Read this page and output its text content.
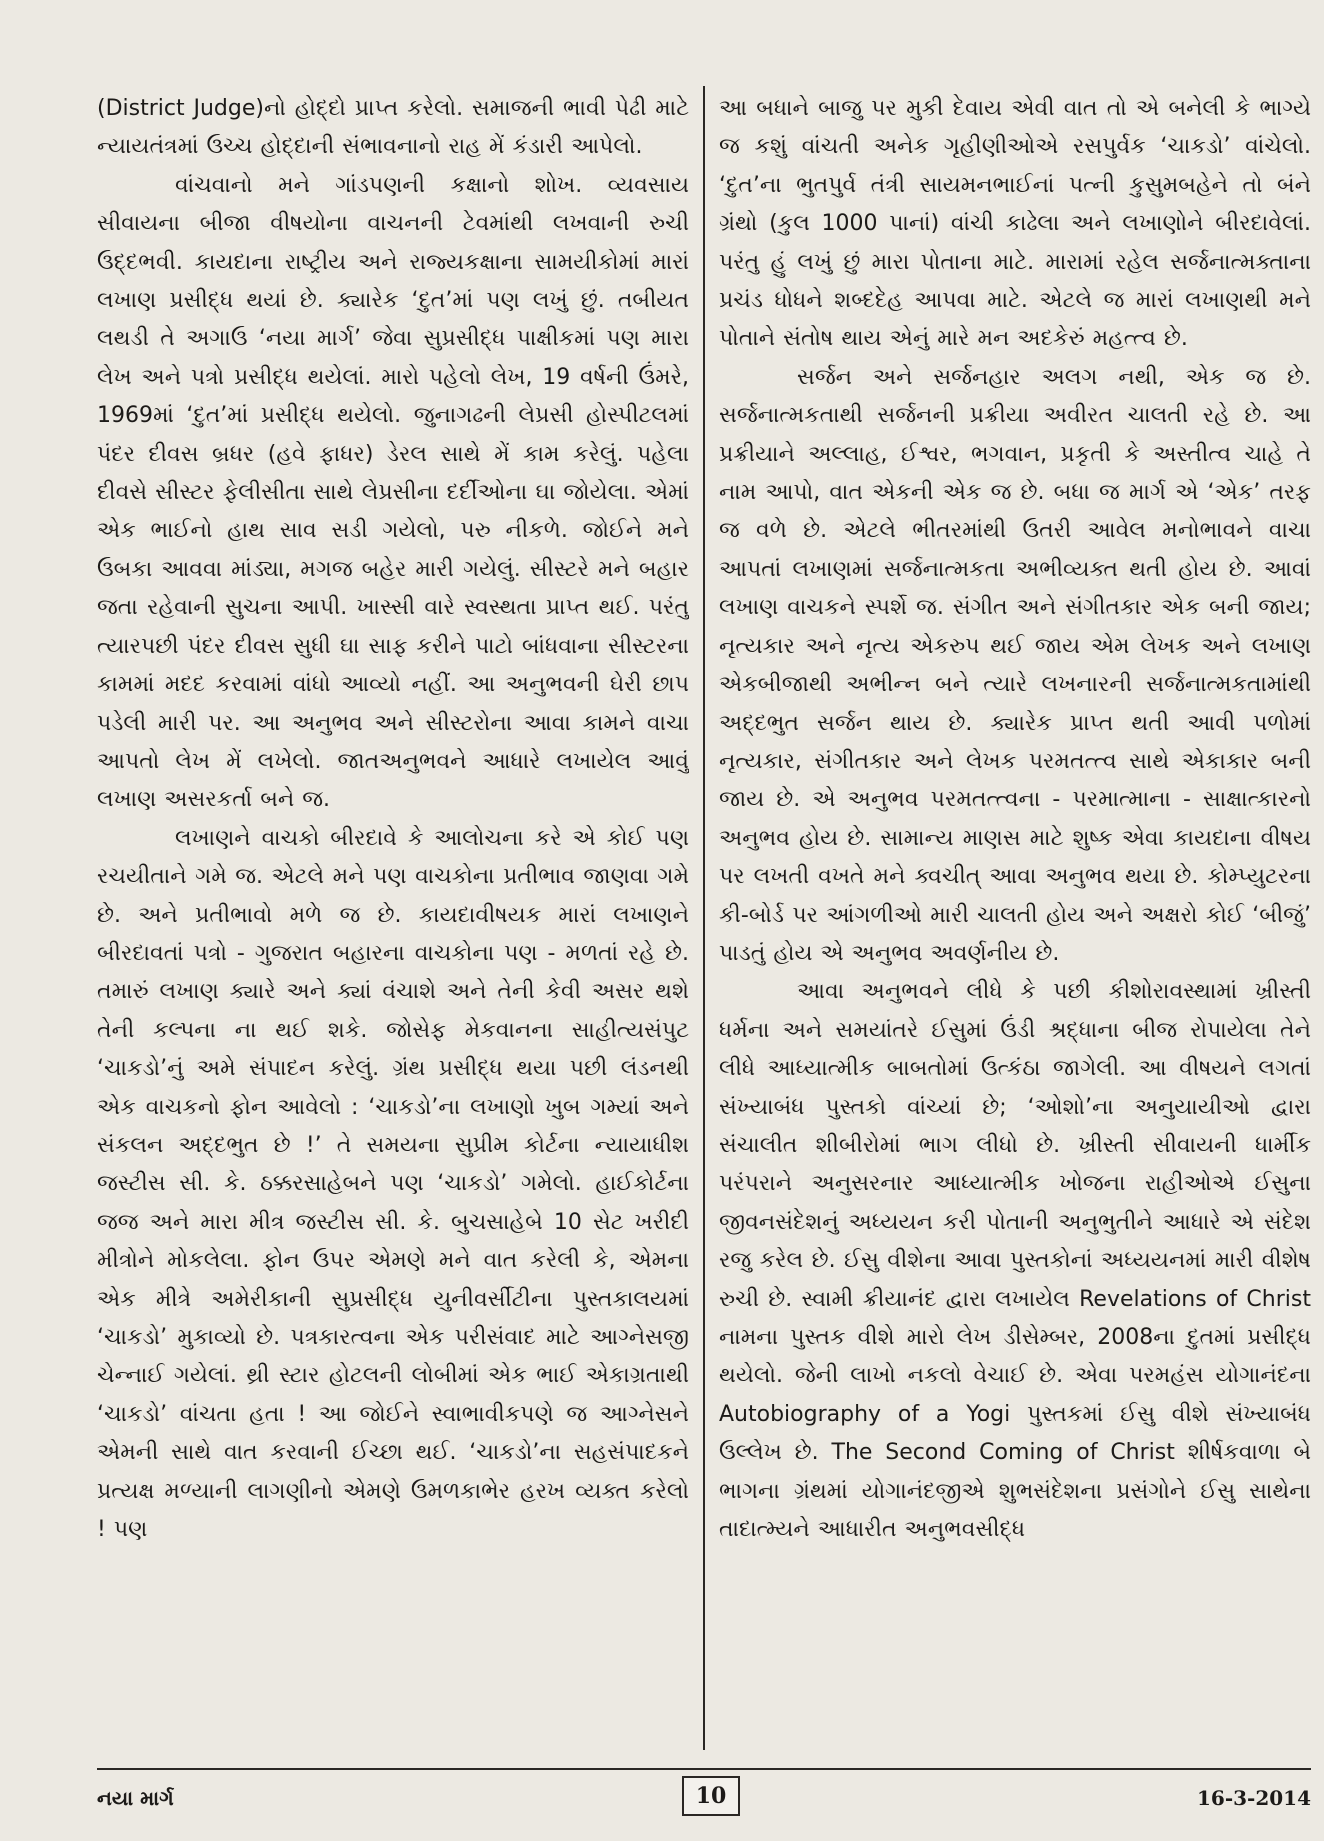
(District Judge)નો હોદ્દો પ્રાપ્ત કરેલો. સમાજની ભાવી પેઢી માટે ન્યાયતંત્રમાં ઉચ્ચ હોદ્દાની સંભાવનાનો રાહ મેં કંડારી આપેલો.

વાંચવાનો મને ગાંડપણની કક્ષાનો શોખ. વ્યવસાય સીવાયના બીજા વીષયોના વાચનની ટેવમાંથી લખવાની રુચી ઉદ્દભવી. કાયદાના રાષ્ટ્રીય અને રાજ્યકક્ષાના સામયીકોમાં મારાં લખાણ પ્રસીદ્ધ થયાં છે. ક્યારેક ‘દુત’માં પણ લખું છું. તબીયત લથડી તે અગાઉ ‘નયા માર્ગ’ જેવા સુપ્રસીદ્ધ પાક્ષીકમાં પણ મારા લેખ અને પત્રો પ્રસીદ્ધ થયેલાં. મારો પહેલો લેખ, 19 વર્ષની ઉંમરે, 1969માં ‘દુત’માં પ્રસીદ્ધ થયેલો. જુનાગઢની લેપ્રસી હોસ્પીટલમાં પંદર દીવસ બ્રધર (હવે ફાધર) ડેરલ સાથે મેં કામ કરેલું. પહેલા દીવસે સીસ્ટર ફેલીસીતા સાથે લેપ્રસીના દર્દીઓના ઘા જોયેલા. એમાં એક ભાઈનો હાથ સાવ સડી ગયેલો, પરુ નીકળે. જોઈને મને ઉબકા આવવા માંડ્યા, મગજ બહેર મારી ગયેલું. સીસ્ટરે મને બહાર જતા રહેવાની સુચના આપી. ખાસ્સી વારે સ્વસ્થતા પ્રાપ્ત થઈ. પરંતુ ત્યારપછી પંદર દીવસ સુધી ઘા સાફ કરીને પાટો બાંધવાના સીસ્ટરના કામમાં મદદ કરવામાં વાંધો આવ્યો નહીં. આ અનુભવની ઘેરી છાપ પડેલી મારી પર. આ અનુભવ અને સીસ્ટરોના આવા કામને વાચા આપતો લેખ મેં લખેલો. જાતઅનુભવને આધારે લખાયેલ આવું લખાણ અસરકર્તા બને જ.

લખાણને વાચકો બીરદાવે કે આલોચના કરે એ કોઈ પણ રચયીતાને ગમે જ. એટલે મને પણ વાચકોના પ્રતીભાવ જાણવા ગમે છે. અને પ્રતીભાવો મળે જ છે. કાયદાવીષયક મારાં લખાણને બીરદાવતાં પત્રો - ગુજરાત બહારના વાચકોના પણ - મળતાં રહે છે. તમારું લખાણ ક્યારે અને ક્યાં વંચાશે અને તેની કેવી અસર થશે તેની કલ્પના ના થઈ શકે. જોસેફ મેકવાનના સાહીત્યસંપુટ ‘ચાકડો’નું અમે સંપાદન કરેલું. ગ્રંથ પ્રસીદ્ધ થયા પછી લંડનથી એક વાચકનો ફોન આવેલો : ‘ચાકડો’ના લખાણો ખુબ ગમ્યાં અને સંકલન અદ્દભુત છે !’ તે સમયના સુપ્રીમ કોર્ટના ન્યાયાધીશ જસ્ટીસ સી. કે. ઠક્કરસાહેબને પણ ‘ચાકડો’ ગમેલો. હાઈકોર્ટના જજ અને મારા મીત્ર જસ્ટીસ સી. કે. બુચસાહેબે 10 સેટ ખરીદી મીત્રોને મોકલેલા. ફોન ઉપર એમણે મને વાત કરેલી કે, એમના એક મીત્રે અમેરીકાની સુપ્રસીદ્ધ યુનીવર્સીટીના પુસ્તકાલયમાં ‘ચાકડો’ મુકાવ્યો છે. પત્રકારત્વના એક પરીસંવાદ માટે આગ્નેસજી ચેન્નાઈ ગયેલાં. થ્રી સ્ટાર હોટલની લોબીમાં એક ભાઈ એકાગ્રતાથી ‘ચાકડો’ વાંચતા હતા ! આ જોઈને સ્વાભાવીકપણે જ આગ્નેસને એમની સાથે વાત કરવાની ઈચ્છા થઈ. ‘ચાકડો’ના સહસંપાદકને પ્રત્યક્ષ મળ્યાની લાગણીનો એમણે ઉમળકાભેર હરખ વ્યક્ત કરેલો ! પણ

આ બધાને બાજુ પર મુકી દેવાય એવી વાત તો એ બનેલી કે ભાગ્યે જ કશું વાંચતી અનેક ગૃહીણીઓએ રસપુર્વક ‘ચાકડો’ વાંચેલો. ‘દુત’ના ભુતપુર્વ તંત્રી સાયમનભાઈનાં પત્ની કુસુમબહેને તો બંને ગ્રંથો (કુલ 1000 પાનાં) વાંચી કાઢેલા અને લખાણોને બીરદાવેલાં. પરંતુ હું લખું છું મારા પોતાના માટે. મારામાં રહેલ સર્જનાત્મક્તાના પ્રચંડ ધોધને શબ્દદેહ આપવા માટે. એટલે જ મારાં લખાણથી મને પોતાને સંતોષ થાય એનું મારે મન અદકેરું મહત્ત્વ છે.

સર્જન અને સર્જનહાર અલગ નથી, એક જ છે. સર્જનાત્મકતાથી સર્જનની પ્રક્રીયા અવીરત ચાલતી રહે છે. આ પ્રક્રીયાને અલ્લાહ, ઈશ્વર, ભગવાન, પ્રકૃતી કે અસ્તીત્વ ચાહે તે નામ આપો, વાત એકની એક જ છે. બધા જ માર્ગ એ ‘એક’ તરફ જ વળે છે. એટલે ભીતરમાંથી ઉતરી આવેલ મનોભાવને વાચા આપતાં લખાણમાં સર્જનાત્મકતા અભીવ્યક્ત થતી હોય છે. આવાં લખાણ વાચકને સ્પર્શે જ. સંગીત અને સંગીતકાર એક બની જાય; નૃત્યકાર અને નૃત્ય એકરુપ થઈ જાય એમ લેખક અને લખાણ એકબીજાથી અભીન્ન બને ત્યારે લખનારની સર્જનાત્મકતામાંથી અદ્દભુત સર્જન થાય છે. ક્યારેક પ્રાપ્ત થતી આવી પળોમાં નૃત્યકાર, સંગીતકાર અને લેખક પરમતત્ત્વ સાથે એકાકાર બની જાય છે. એ અનુભવ પરમતત્ત્વના - પરમાત્માના - સાક્ષાત્કારનો અનુભવ હોય છે. સામાન્ય માણસ માટે શુષ્ક એવા કાયદાના વીષય પર લખતી વખતે મને ક્વચીત્ આવા અનુભવ થયા છે. કોમ્પ્યુટરના કી-બોર્ડ પર આંગળીઓ મારી ચાલતી હોય અને અક્ષરો કોઈ ‘બીજું’ પાડતું હોય એ અનુભવ અવર્ણનીય છે.

આવા અનુભવને લીધે કે પછી કીશોરાવસ્થામાં ખ્રીસ્તી ધર્મના અને સમયાંતરે ઈસુમાં ઉંડી શ્રદ્ધાના બીજ રોપાયેલા તેને લીધે આધ્યાત્મીક બાબતોમાં ઉત્કંઠા જાગેલી. આ વીષયને લગતાં સંખ્યાબંધ પુસ્તકો વાંચ્યાં છે; ‘ઓશો’ના અનુયાયીઓ દ્વારા સંચાલીત શીબીરોમાં ભાગ લીધો છે. ખ્રીસ્તી સીવાયની ધાર્મીક પરંપરાને અનુસરનાર આધ્યાત્મીક ખોજના રાહીઓએ ઈસુના જીવનસંદેશનું અધ્યયન કરી પોતાની અનુભુતીને આધારે એ સંદેશ રજુ કરેલ છે. ઈસુ વીશેના આવા પુસ્તકોનાં અધ્યયનમાં મારી વીશેષ રુચી છે. સ્વામી ક્રીયાનંદ દ્વારા લખાયેલ Revelations of Christ નામના પુસ્તક વીશે મારો લેખ ડીસેમ્બર, 2008ના દુતમાં પ્રસીદ્ધ થયેલો. જેની લાખો નકલો વેચાઈ છે. એવા પરમહંસ યોગાનંદના Autobiography of a Yogi પુસ્તકમાં ઈસુ વીશે સંખ્યાબંધ ઉલ્લેખ છે. The Second Coming of Christ શીર્ષકવાળા બે ભાગના ગ્રંથમાં યોગાનંદજીએ શુભસંદેશના પ્રસંગોને ઈસુ સાથેના તાદાત્મ્યને આધારીત અનુભવસીદ્ધ

નયા માર્ગ	10	16-3-2014
